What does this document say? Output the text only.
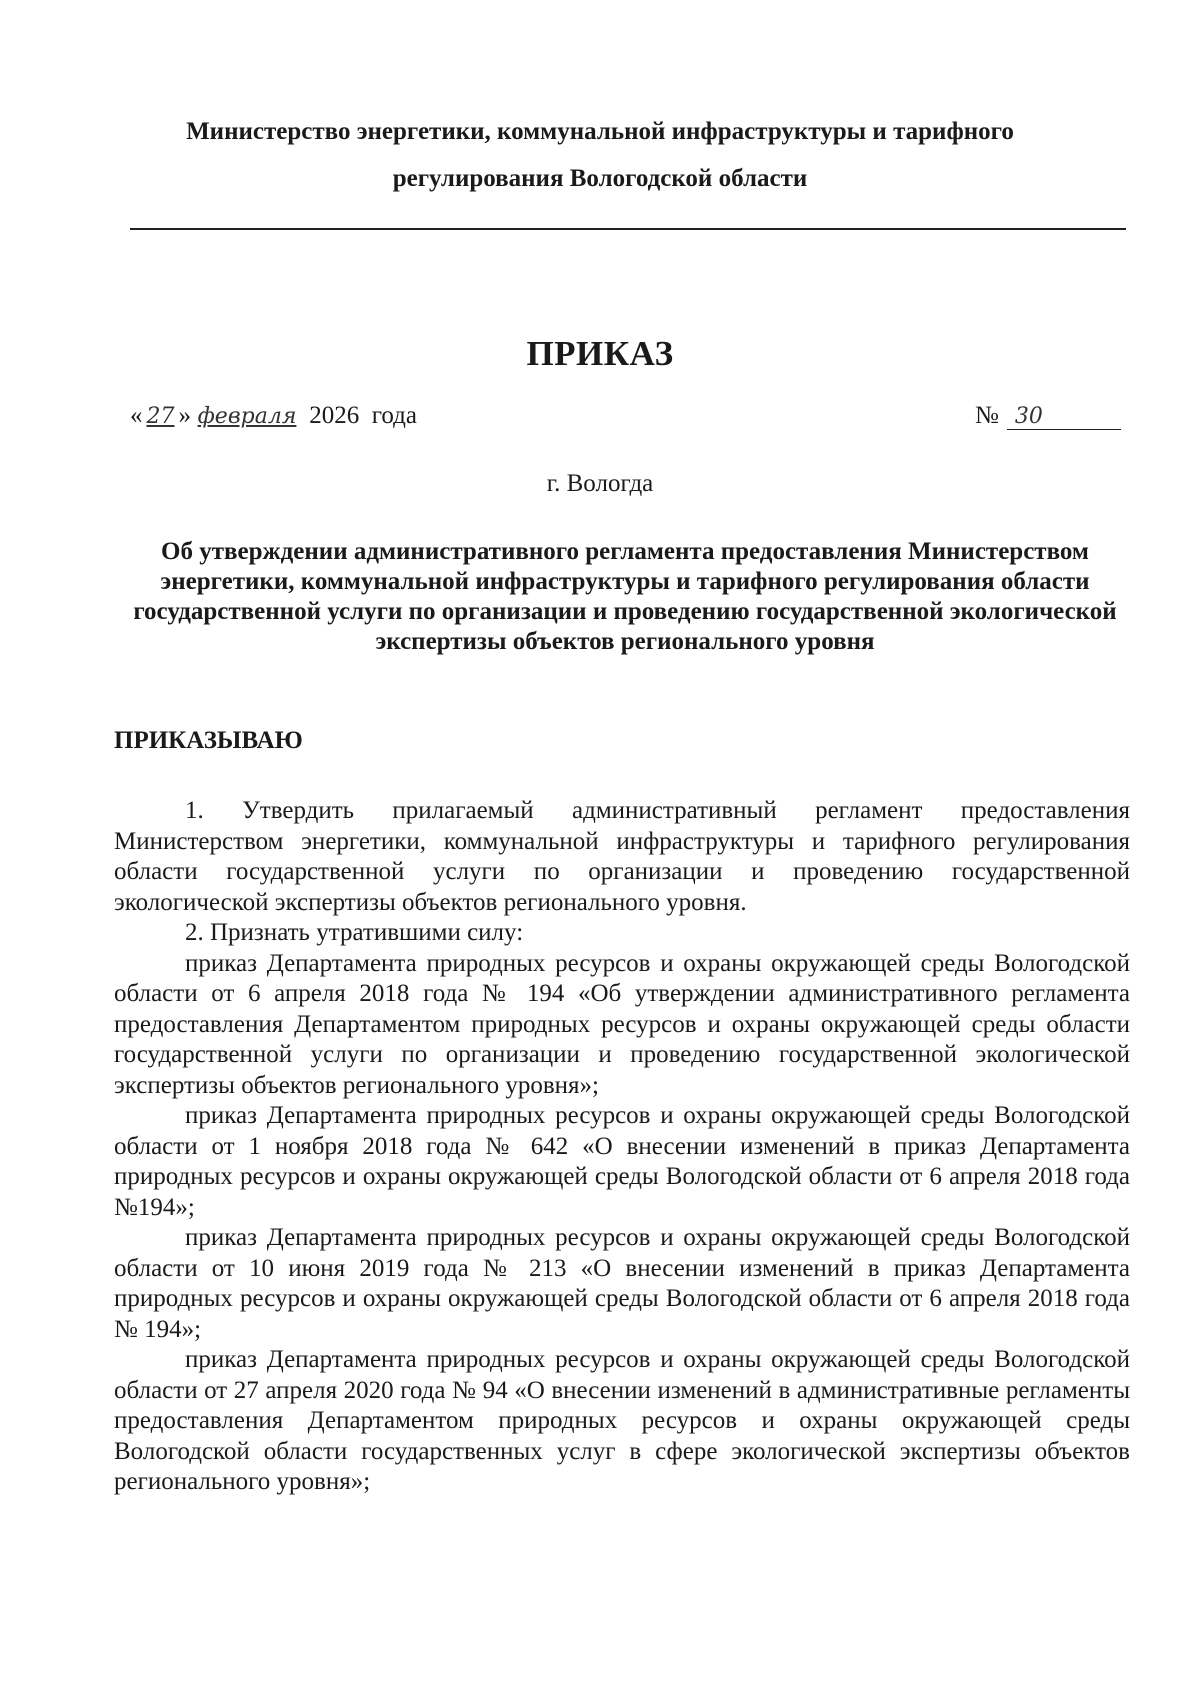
Министерство энергетики, коммунальной инфраструктуры и тарифного
регулирования Вологодской области
ПРИКАЗ
« 27 » февраля 2026  года	№ 30
г. Вологда
Об утверждении административного регламента предоставления Министерством энергетики, коммунальной инфраструктуры и тарифного регулирования области государственной услуги по организации и проведению государственной экологической экспертизы объектов регионального уровня
ПРИКАЗЫВАЮ

1. Утвердить прилагаемый административный регламент предоставления Министерством энергетики, коммунальной инфраструктуры и тарифного регулирования области государственной услуги по организации и проведению государственной экологической экспертизы объектов регионального уровня.

2. Признать утратившими силу:

приказ Департамента природных ресурсов и охраны окружающей среды Вологодской области от 6 апреля 2018 года № 194 «Об утверждении административного регламента предоставления Департаментом природных ресурсов и охраны окружающей среды области государственной услуги по организации и проведению государственной экологической экспертизы объектов регионального уровня»;

приказ Департамента природных ресурсов и охраны окружающей среды Вологодской области от 1 ноября 2018 года № 642 «О внесении изменений в приказ Департамента природных ресурсов и охраны окружающей среды Вологодской области от 6 апреля 2018 года №194»;

приказ Департамента природных ресурсов и охраны окружающей среды Вологодской области от 10 июня 2019 года № 213 «О внесении изменений в приказ Департамента природных ресурсов и охраны окружающей среды Вологодской области от 6 апреля 2018 года № 194»;

приказ Департамента природных ресурсов и охраны окружающей среды Вологодской области от 27 апреля 2020 года № 94 «О внесении изменений в административные регламенты предоставления Департаментом природных ресурсов и охраны окружающей среды Вологодской области государственных услуг в сфере экологической экспертизы объектов регионального уровня»;
